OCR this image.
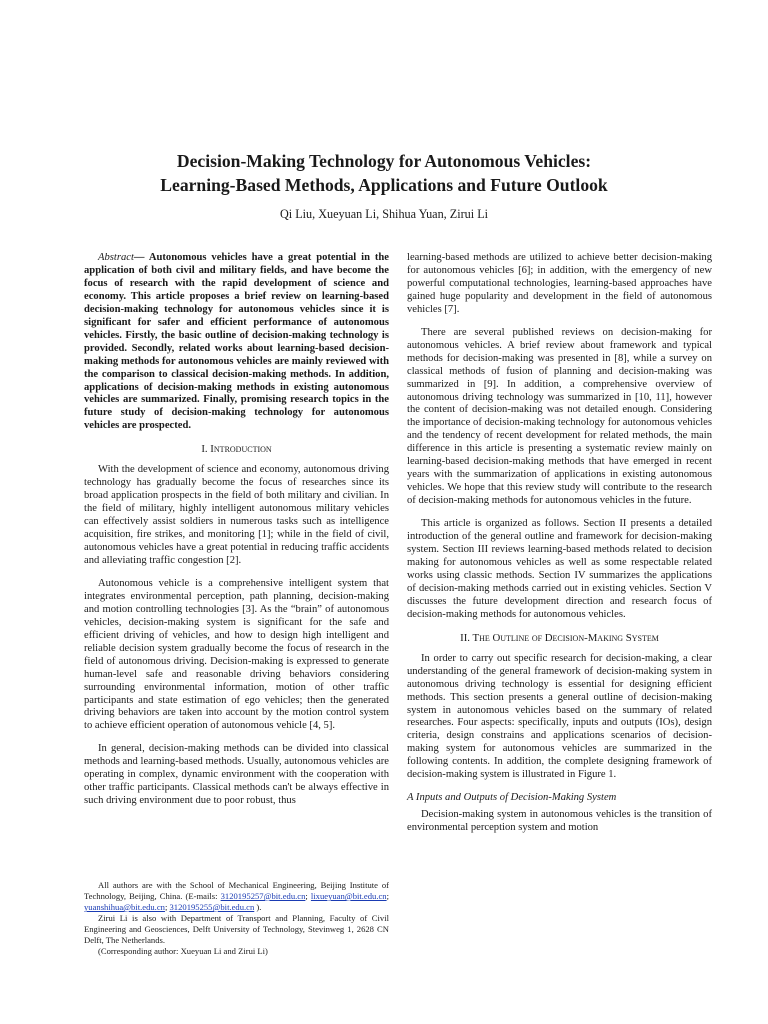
Decision-Making Technology for Autonomous Vehicles:
Learning-Based Methods, Applications and Future Outlook
Qi Liu, Xueyuan Li, Shihua Yuan, Zirui Li

Abstract— Autonomous vehicles have a great potential in the application of both civil and military fields, and have become the focus of research with the rapid development of science and economy. This article proposes a brief review on learning-based decision-making technology for autonomous vehicles since it is significant for safer and efficient performance of autonomous vehicles. Firstly, the basic outline of decision-making technology is provided. Secondly, related works about learning-based decision-making methods for autonomous vehicles are mainly reviewed with the comparison to classical decision-making methods. In addition, applications of decision-making methods in existing autonomous vehicles are summarized. Finally, promising research topics in the future study of decision-making technology for autonomous vehicles are prospected.

I. Introduction

With the development of science and economy, autonomous driving technology has gradually become the focus of researches since its broad application prospects in the field of both military and civilian. In the field of military, highly intelligent autonomous military vehicles can effectively assist soldiers in numerous tasks such as intelligence acquisition, fire strikes, and monitoring [1]; while in the field of civil, autonomous vehicles have a great potential in reducing traffic accidents and alleviating traffic congestion [2].

Autonomous vehicle is a comprehensive intelligent system that integrates environmental perception, path planning, decision-making and motion controlling technologies [3]. As the “brain” of autonomous vehicles, decision-making system is significant for the safe and efficient driving of vehicles, and how to design high intelligent and reliable decision system gradually become the focus of research in the field of autonomous driving. Decision-making is expressed to generate human-level safe and reasonable driving behaviors considering surrounding environmental information, motion of other traffic participants and state estimation of ego vehicles; then the generated driving behaviors are taken into account by the motion control system to achieve efficient operation of autonomous vehicle [4, 5].

In general, decision-making methods can be divided into classical methods and learning-based methods. Usually, autonomous vehicles are operating in complex, dynamic environment with the cooperation with other traffic participants. Classical methods can't be always effective in such driving environment due to poor robust, thus

learning-based methods are utilized to achieve better decision-making for autonomous vehicles [6]; in addition, with the emergency of new powerful computational technologies, learning-based approaches have gained huge popularity and development in the field of autonomous vehicles [7].

There are several published reviews on decision-making for autonomous vehicles. A brief review about framework and typical methods for decision-making was presented in [8], while a survey on classical methods of fusion of planning and decision-making was summarized in [9]. In addition, a comprehensive overview of autonomous driving technology was summarized in [10, 11], however the content of decision-making was not detailed enough. Considering the importance of decision-making technology for autonomous vehicles and the tendency of recent development for related methods, the main difference in this article is presenting a systematic review mainly on learning-based decision-making methods that have emerged in recent years with the summarization of applications in existing autonomous vehicles. We hope that this review study will contribute to the research of decision-making methods for autonomous vehicles in the future.

This article is organized as follows. Section II presents a detailed introduction of the general outline and framework for decision-making system. Section III reviews learning-based methods related to decision making for autonomous vehicles as well as some respectable related works using classic methods. Section IV summarizes the applications of decision-making methods carried out in existing vehicles. Section V discusses the future development direction and research focus of decision-making methods for autonomous vehicles.

II. The Outline of Decision-Making System

In order to carry out specific research for decision-making, a clear understanding of the general framework of decision-making system in autonomous driving technology is essential for designing efficient methods. This section presents a general outline of decision-making system in autonomous vehicles based on the summary of related researches. Four aspects: specifically, inputs and outputs (IOs), design criteria, design constrains and applications scenarios of decision-making system for autonomous vehicles are summarized in the following contents. In addition, the complete designing framework of decision-making system is illustrated in Figure 1.

A Inputs and Outputs of Decision-Making System

Decision-making system in autonomous vehicles is the transition of environmental perception system and motion

All authors are with the School of Mechanical Engineering, Beijing Institute of Technology, Beijing, China. (E-mails: 3120195257@bit.edu.cn; lixueyuan@bit.edu.cn; yuanshihua@bit.edu.cn; 3120195255@bit.edu.cn ).

Zirui Li is also with Department of Transport and Planning, Faculty of Civil Engineering and Geosciences, Delft University of Technology, Stevinweg 1, 2628 CN Delft, The Netherlands.

(Corresponding author: Xueyuan Li and Zirui Li)
